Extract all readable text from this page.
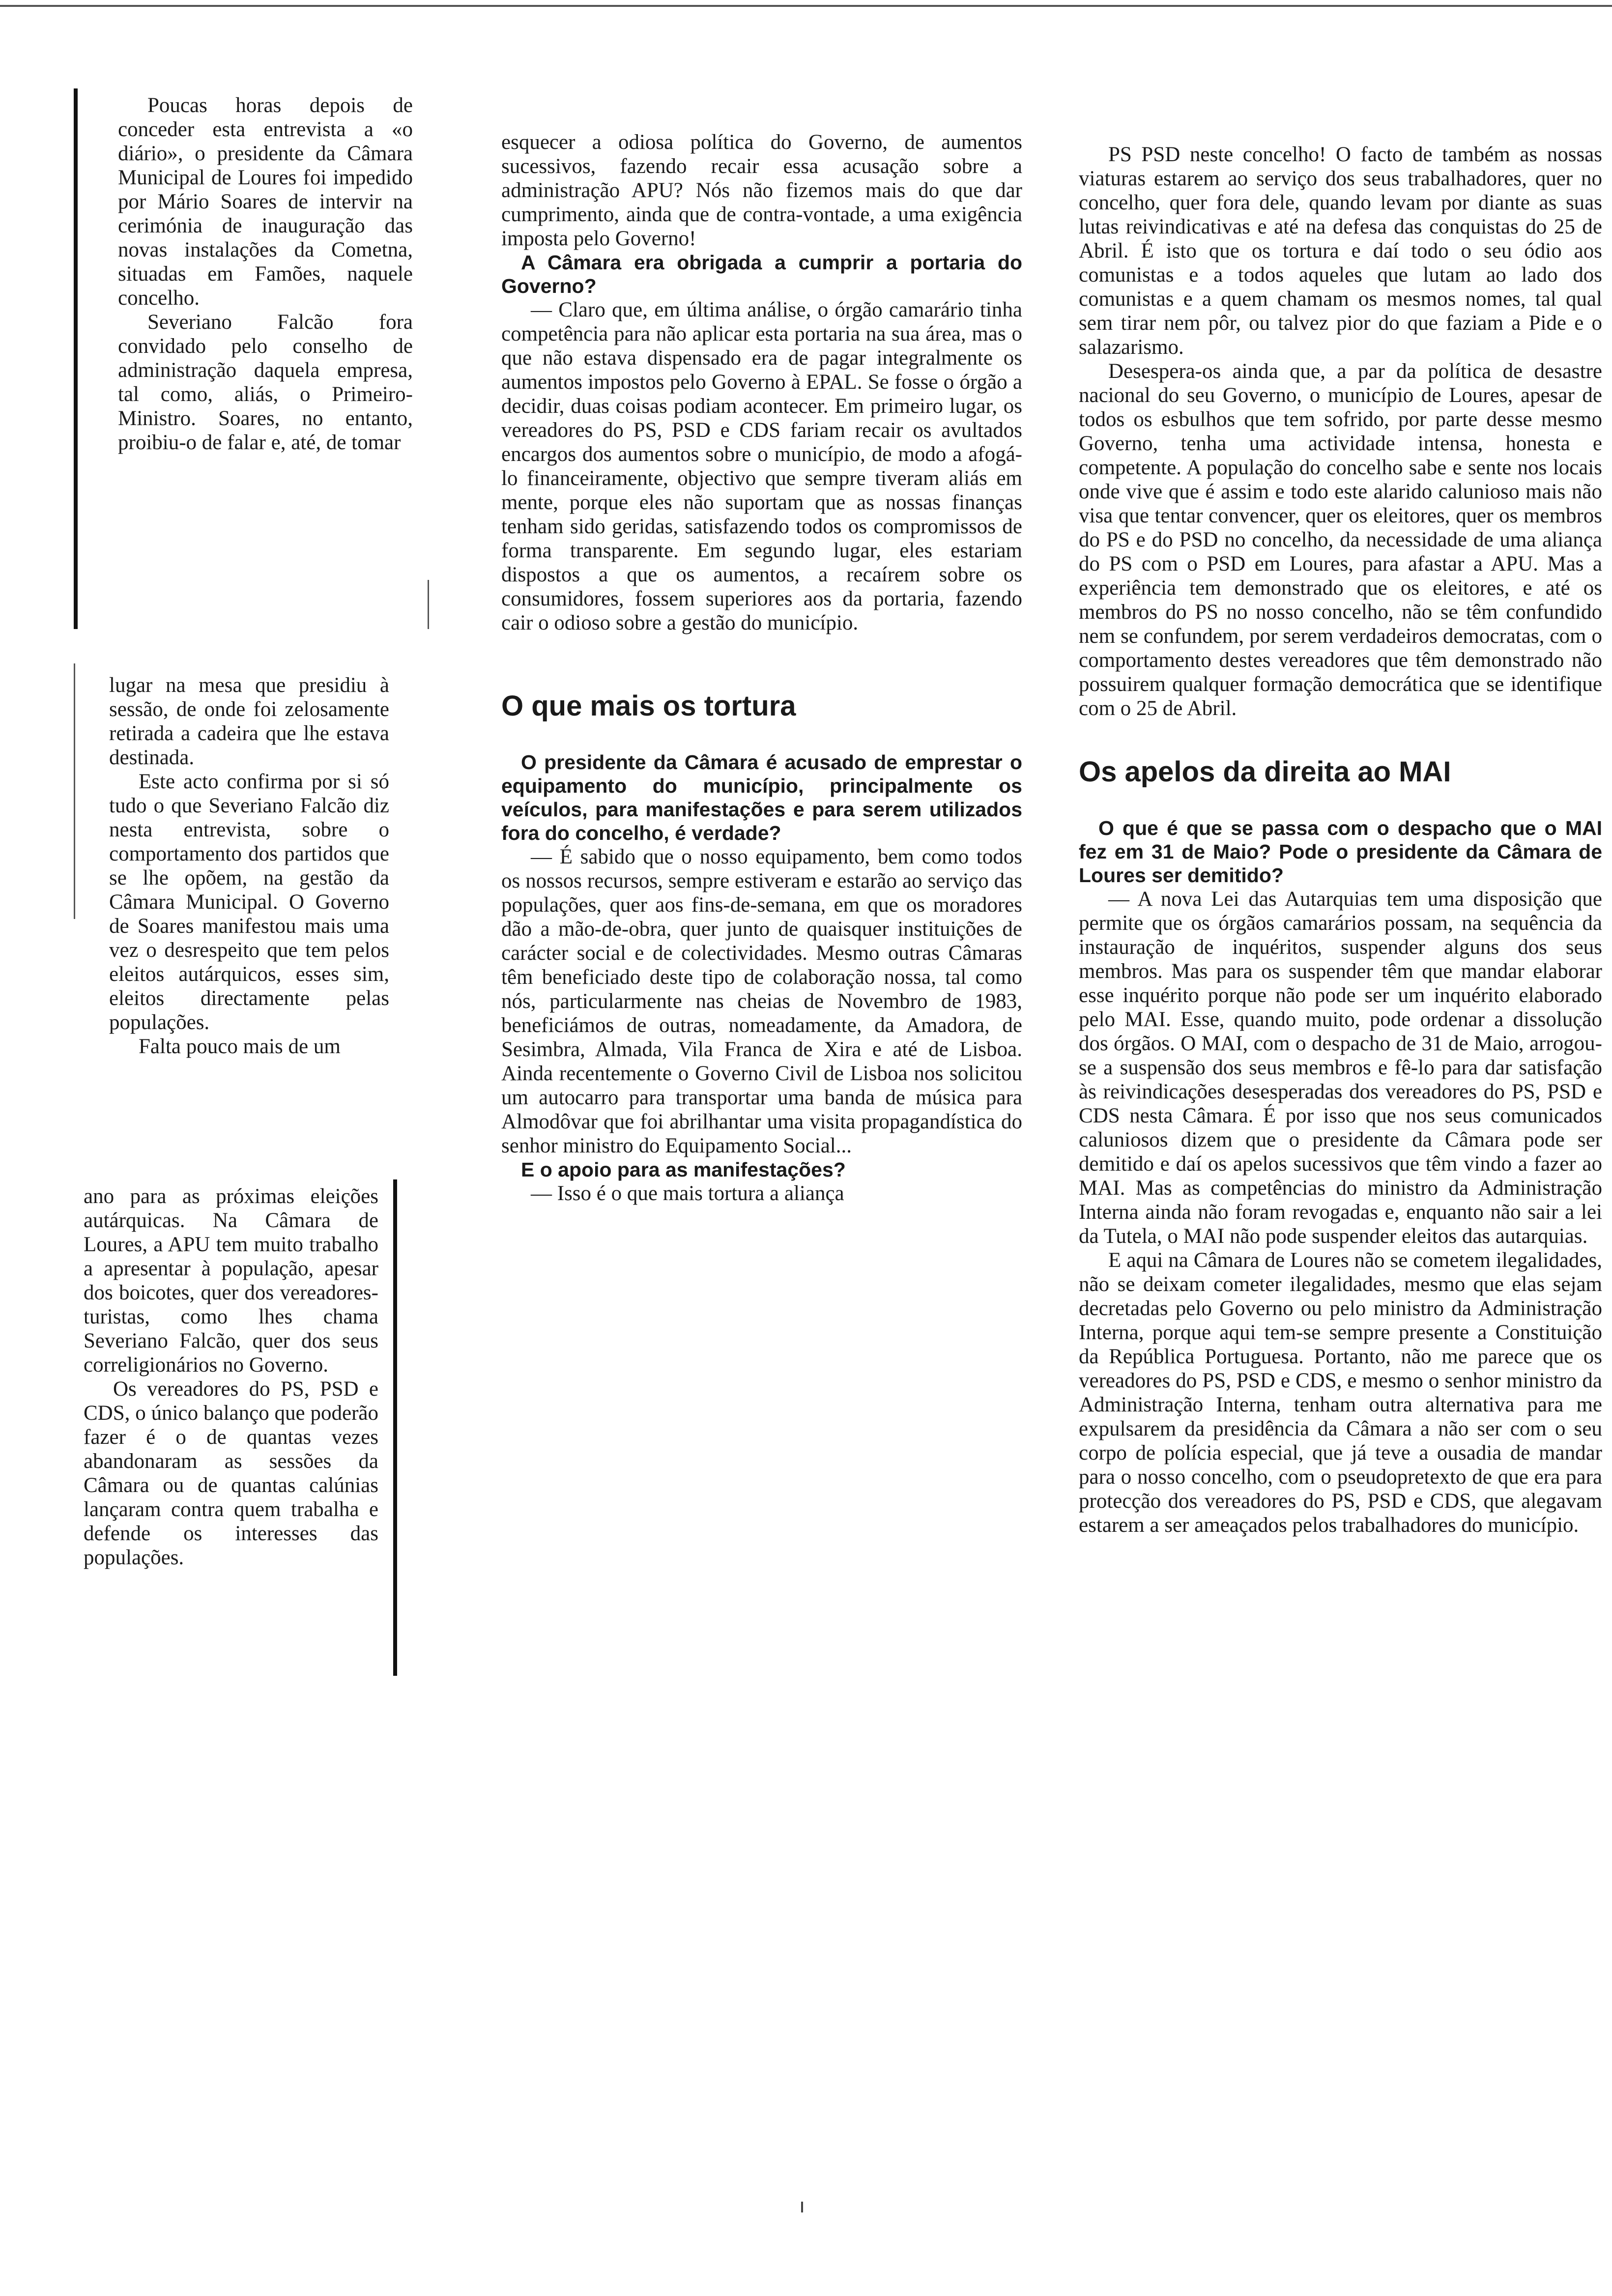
Poucas horas depois de conceder esta entrevista a «o diário», o presidente da Câmara Municipal de Loures foi impedido por Mário Soares de intervir na cerimónia de inauguração das novas instalações da Cometna, situadas em Famões, naquele concelho.

Severiano Falcão fora convidado pelo conselho de administração daquela empresa, tal como, aliás, o Primeiro-Ministro. Soares, no entanto, proibiu-o de falar e, até, de tomar

lugar na mesa que presidiu à sessão, de onde foi zelosamente retirada a cadeira que lhe estava destinada.

Este acto confirma por si só tudo o que Severiano Falcão diz nesta entrevista, sobre o comportamento dos partidos que se lhe opõem, na gestão da Câmara Municipal. O Governo de Soares manifestou mais uma vez o desrespeito que tem pelos eleitos autárquicos, esses sim, eleitos directamente pelas populações.

Falta pouco mais de um

ano para as próximas eleições autárquicas. Na Câmara de Loures, a APU tem muito trabalho a apresentar à população, apesar dos boicotes, quer dos vereadores-turistas, como lhes chama Severiano Falcão, quer dos seus correligionários no Governo.

Os vereadores do PS, PSD e CDS, o único balanço que poderão fazer é o de quantas vezes abandonaram as sessões da Câmara ou de quantas calúnias lançaram contra quem trabalha e defende os interesses das populações.

esquecer a odiosa política do Governo, de aumentos sucessivos, fazendo recair essa acusação sobre a administração APU? Nós não fizemos mais do que dar cumprimento, ainda que de contra-vontade, a uma exigência imposta pelo Governo!

A Câmara era obrigada a cumprir a portaria do Governo?

— Claro que, em última análise, o órgão camarário tinha competência para não aplicar esta portaria na sua área, mas o que não estava dispensado era de pagar integralmente os aumentos impostos pelo Governo à EPAL. Se fosse o órgão a decidir, duas coisas podiam acontecer. Em primeiro lugar, os vereadores do PS, PSD e CDS fariam recair os avultados encargos dos aumentos sobre o município, de modo a afogá-lo financeiramente, objectivo que sempre tiveram aliás em mente, porque eles não suportam que as nossas finanças tenham sido geridas, satisfazendo todos os compromissos de forma transparente. Em segundo lugar, eles estariam dispostos a que os aumentos, a recaírem sobre os consumidores, fossem superiores aos da portaria, fazendo cair o odioso sobre a gestão do município.

O que mais os tortura

O presidente da Câmara é acusado de emprestar o equipamento do município, principalmente os veículos, para manifestações e para serem utilizados fora do concelho, é verdade?

— É sabido que o nosso equipamento, bem como todos os nossos recursos, sempre estiveram e estarão ao serviço das populações, quer aos fins-de-semana, em que os moradores dão a mão-de-obra, quer junto de quaisquer instituições de carácter social e de colectividades. Mesmo outras Câmaras têm beneficiado deste tipo de colaboração nossa, tal como nós, particularmente nas cheias de Novembro de 1983, beneficiámos de outras, nomeadamente, da Amadora, de Sesimbra, Almada, Vila Franca de Xira e até de Lisboa. Ainda recentemente o Governo Civil de Lisboa nos solicitou um autocarro para transportar uma banda de música para Almodôvar que foi abrilhantar uma visita propagandística do senhor ministro do Equipamento Social...

E o apoio para as manifestações?

— Isso é o que mais tortura a aliança

PS PSD neste concelho! O facto de também as nossas viaturas estarem ao serviço dos seus trabalhadores, quer no concelho, quer fora dele, quando levam por diante as suas lutas reivindicativas e até na defesa das conquistas do 25 de Abril. É isto que os tortura e daí todo o seu ódio aos comunistas e a todos aqueles que lutam ao lado dos comunistas e a quem chamam os mesmos nomes, tal qual sem tirar nem pôr, ou talvez pior do que faziam a Pide e o salazarismo.

Desespera-os ainda que, a par da política de desastre nacional do seu Governo, o município de Loures, apesar de todos os esbulhos que tem sofrido, por parte desse mesmo Governo, tenha uma actividade intensa, honesta e competente. A população do concelho sabe e sente nos locais onde vive que é assim e todo este alarido calunioso mais não visa que tentar convencer, quer os eleitores, quer os membros do PS e do PSD no concelho, da necessidade de uma aliança do PS com o PSD em Loures, para afastar a APU. Mas a experiência tem demonstrado que os eleitores, e até os membros do PS no nosso concelho, não se têm confundido nem se confundem, por serem verdadeiros democratas, com o comportamento destes vereadores que têm demonstrado não possuirem qualquer formação democrática que se identifique com o 25 de Abril.

Os apelos da direita ao MAI

O que é que se passa com o despacho que o MAI fez em 31 de Maio? Pode o presidente da Câmara de Loures ser demitido?

— A nova Lei das Autarquias tem uma disposição que permite que os órgãos camarários possam, na sequência da instauração de inquéritos, suspender alguns dos seus membros. Mas para os suspender têm que mandar elaborar esse inquérito porque não pode ser um inquérito elaborado pelo MAI. Esse, quando muito, pode ordenar a dissolução dos órgãos. O MAI, com o despacho de 31 de Maio, arrogou-se a suspensão dos seus membros e fê-lo para dar satisfação às reivindicações desesperadas dos vereadores do PS, PSD e CDS nesta Câmara. É por isso que nos seus comunicados caluniosos dizem que o presidente da Câmara pode ser demitido e daí os apelos sucessivos que têm vindo a fazer ao MAI. Mas as competências do ministro da Administração Interna ainda não foram revogadas e, enquanto não sair a lei da Tutela, o MAI não pode suspender eleitos das autarquias.

E aqui na Câmara de Loures não se cometem ilegalidades, não se deixam cometer ilegalidades, mesmo que elas sejam decretadas pelo Governo ou pelo ministro da Administração Interna, porque aqui tem-se sempre presente a Constituição da República Portuguesa. Portanto, não me parece que os vereadores do PS, PSD e CDS, e mesmo o senhor ministro da Administração Interna, tenham outra alternativa para me expulsarem da presidência da Câmara a não ser com o seu corpo de polícia especial, que já teve a ousadia de mandar para o nosso concelho, com o pseudopretexto de que era para protecção dos vereadores do PS, PSD e CDS, que alegavam estarem a ser ameaçados pelos trabalhadores do município.
